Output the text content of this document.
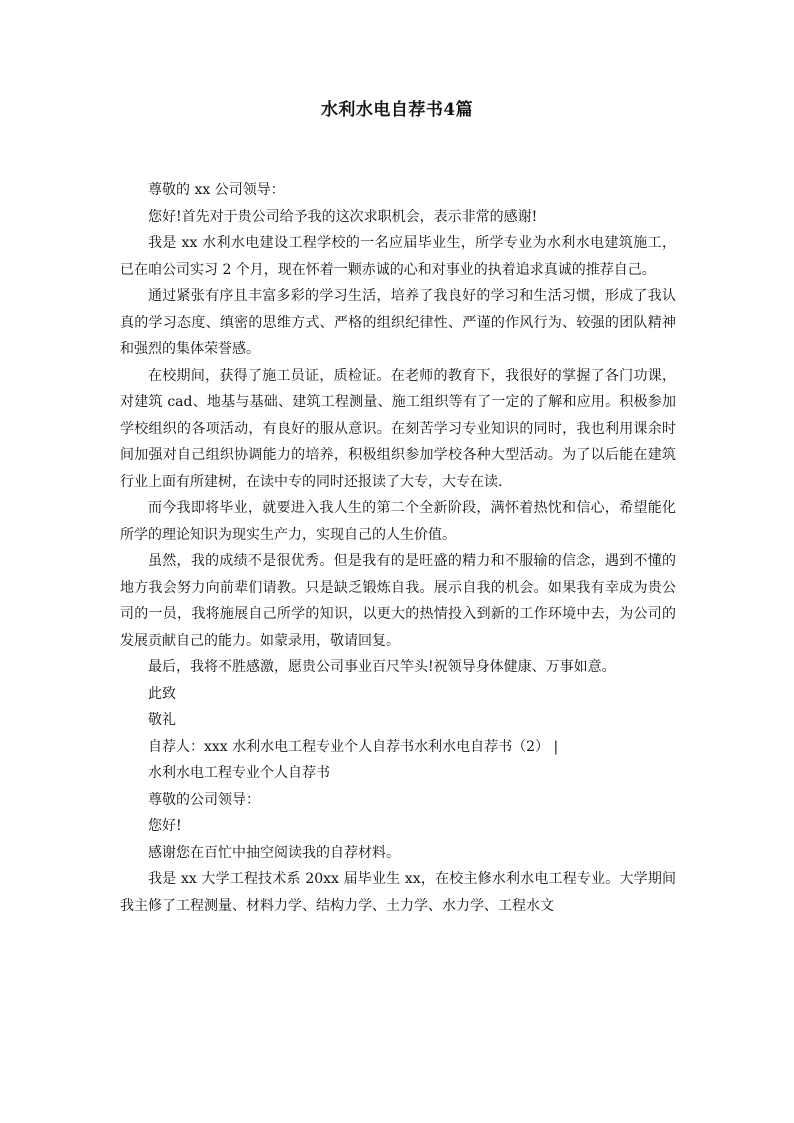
水利水电自荐书4篇

尊敬的 xx 公司领导：

您好!首先对于贵公司给予我的这次求职机会，表示非常的感谢!

我是 xx 水利水电建设工程学校的一名应届毕业生，所学专业为水利水电建筑施工，已在咱公司实习 2 个月，现在怀着一颗赤诚的心和对事业的执着追求真诚的推荐自己。

通过紧张有序且丰富多彩的学习生活，培养了我良好的学习和生活习惯，形成了我认真的学习态度、缜密的思维方式、严格的组织纪律性、严谨的作风行为、较强的团队精神和强烈的集体荣誉感。

在校期间，获得了施工员证，质检证。在老师的教育下，我很好的掌握了各门功课，对建筑 cad、地基与基础、建筑工程测量、施工组织等有了一定的了解和应用。积极参加学校组织的各项活动，有良好的服从意识。在刻苦学习专业知识的同时，我也利用课余时间加强对自己组织协调能力的培养，积极组织参加学校各种大型活动。为了以后能在建筑行业上面有所建树，在读中专的同时还报读了大专，大专在读.

而今我即将毕业，就要进入我人生的第二个全新阶段，满怀着热忱和信心，希望能化所学的理论知识为现实生产力，实现自己的人生价值。

虽然，我的成绩不是很优秀。但是我有的是旺盛的精力和不服输的信念，遇到不懂的地方我会努力向前辈们请教。只是缺乏锻炼自我。展示自我的机会。如果我有幸成为贵公司的一员，我将施展自己所学的知识，以更大的热情投入到新的工作环境中去，为公司的发展贡献自己的能力。如蒙录用，敬请回复。

最后，我将不胜感激，愿贵公司事业百尺竿头!祝领导身体健康、万事如意。

此致

敬礼

自荐人：xxx 水利水电工程专业个人自荐书水利水电自荐书（2） |

水利水电工程专业个人自荐书

尊敬的公司领导：

您好!

感谢您在百忙中抽空阅读我的自荐材料。

我是 xx 大学工程技术系 20xx 届毕业生 xx，在校主修水利水电工程专业。大学期间我主修了工程测量、材料力学、结构力学、土力学、水力学、工程水文
